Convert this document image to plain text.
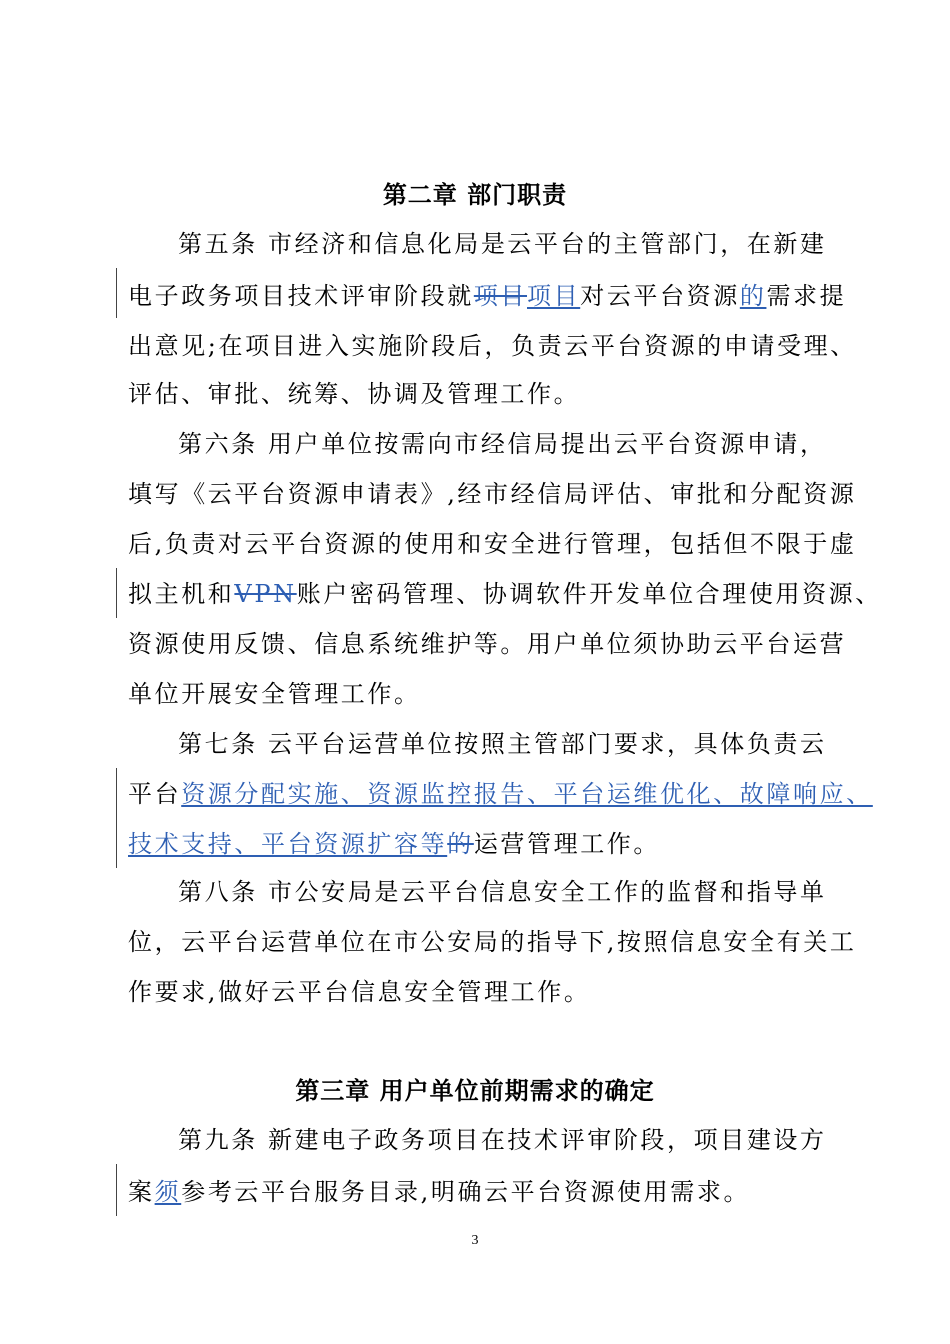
第二章 部门职责
第五条 市经济和信息化局是云平台的主管部门，在新建
电子政务项目技术评审阶段就项目项目对云平台资源的需求提
出意见;在项目进入实施阶段后，负责云平台资源的申请受理、
评估、审批、统筹、协调及管理工作。
第六条 用户单位按需向市经信局提出云平台资源申请，
填写《云平台资源申请表》,经市经信局评估、审批和分配资源
后,负责对云平台资源的使用和安全进行管理，包括但不限于虚
拟主机和VPN账户密码管理、协调软件开发单位合理使用资源、
资源使用反馈、信息系统维护等。用户单位须协助云平台运营
单位开展安全管理工作。
第七条 云平台运营单位按照主管部门要求，具体负责云
平台资源分配实施、资源监控报告、平台运维优化、故障响应、
技术支持、平台资源扩容等的运营管理工作。
第八条 市公安局是云平台信息安全工作的监督和指导单
位，云平台运营单位在市公安局的指导下,按照信息安全有关工
作要求,做好云平台信息安全管理工作。
第三章 用户单位前期需求的确定
第九条 新建电子政务项目在技术评审阶段，项目建设方
案须参考云平台服务目录,明确云平台资源使用需求。
3
